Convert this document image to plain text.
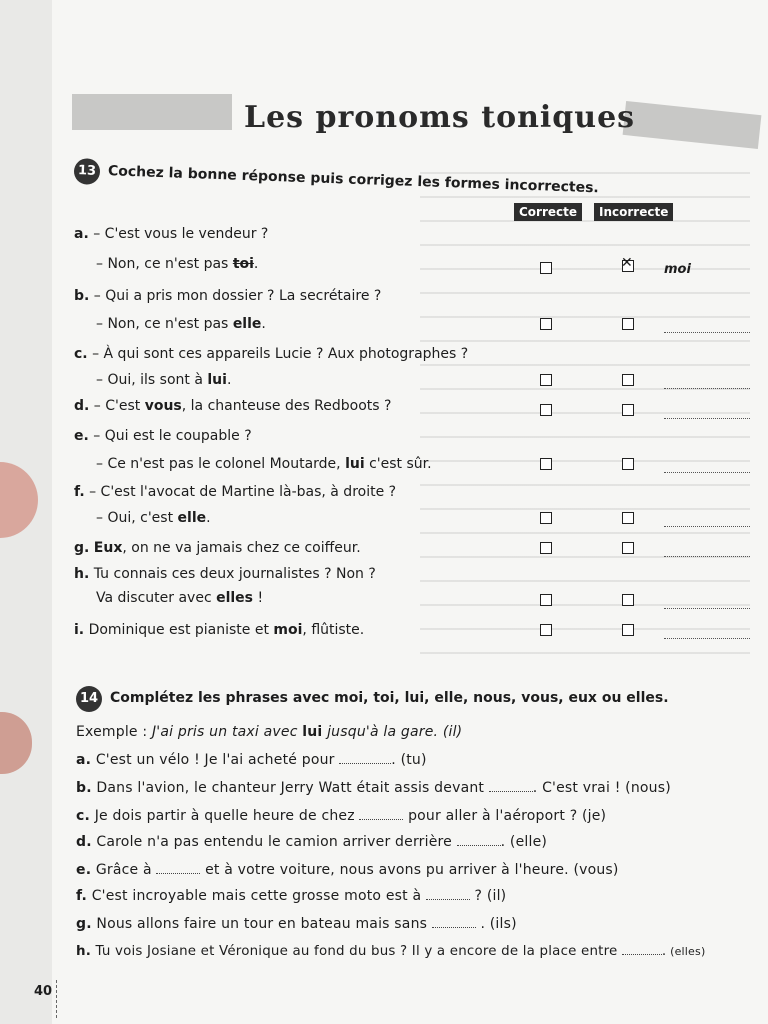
Les pronoms toniques
13 Cochez la bonne réponse puis corrigez les formes incorrectes.
Correcte	Incorrecte
a. – C'est vous le vendeur ?
– Non, ce n'est pas toi.
✕	moi
b. – Qui a pris mon dossier ? La secrétaire ?
– Non, ce n'est pas elle.
c. – À qui sont ces appareils Lucie ? Aux photographes ?
– Oui, ils sont à lui.
d. – C'est vous, la chanteuse des Redboots ?
e. – Qui est le coupable ?
– Ce n'est pas le colonel Moutarde, lui c'est sûr.
f. – C'est l'avocat de Martine là-bas, à droite ?
– Oui, c'est elle.
g. Eux, on ne va jamais chez ce coiffeur.
h. Tu connais ces deux journalistes ? Non ?
Va discuter avec elles !
i. Dominique est pianiste et moi, flûtiste.
14 Complétez les phrases avec moi, toi, lui, elle, nous, vous, eux ou elles.
Exemple : J'ai pris un taxi avec lui jusqu'à la gare. (il)
a. C'est un vélo ! Je l'ai acheté pour	. (tu)
b. Dans l'avion, le chanteur Jerry Watt était assis devant	. C'est vrai ! (nous)
c. Je dois partir à quelle heure de chez	pour aller à l'aéroport ? (je)
d. Carole n'a pas entendu le camion arriver derrière	. (elle)
e. Grâce à	et à votre voiture, nous avons pu arriver à l'heure. (vous)
f. C'est incroyable mais cette grosse moto est à	? (il)
g. Nous allons faire un tour en bateau mais sans	. (ils)
h. Tu vois Josiane et Véronique au fond du bus ? Il y a encore de la place entre	. (elles)
40
